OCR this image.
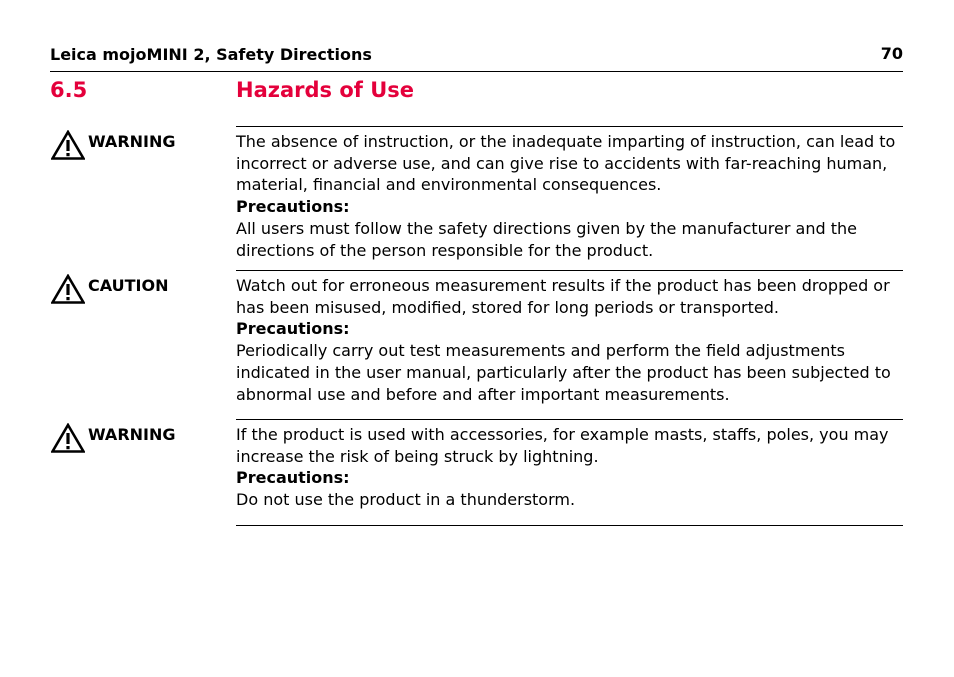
Leica mojoMINI 2, Safety Directions	70
6.5	Hazards of Use
WARNING	The absence of instruction, or the inadequate imparting of instruction, can lead to incorrect or adverse use, and can give rise to accidents with far-reaching human, material, financial and environmental consequences.

Precautions:

All users must follow the safety directions given by the manufacturer and the directions of the person responsible for the product.

CAUTION	Watch out for erroneous measurement results if the product has been dropped or has been misused, modified, stored for long periods or transported.

Precautions:

Periodically carry out test measurements and perform the field adjustments indicated in the user manual, particularly after the product has been subjected to abnormal use and before and after important measurements.

WARNING	If the product is used with accessories, for example masts, staffs, poles, you may increase the risk of being struck by lightning.

Precautions:

Do not use the product in a thunderstorm.
